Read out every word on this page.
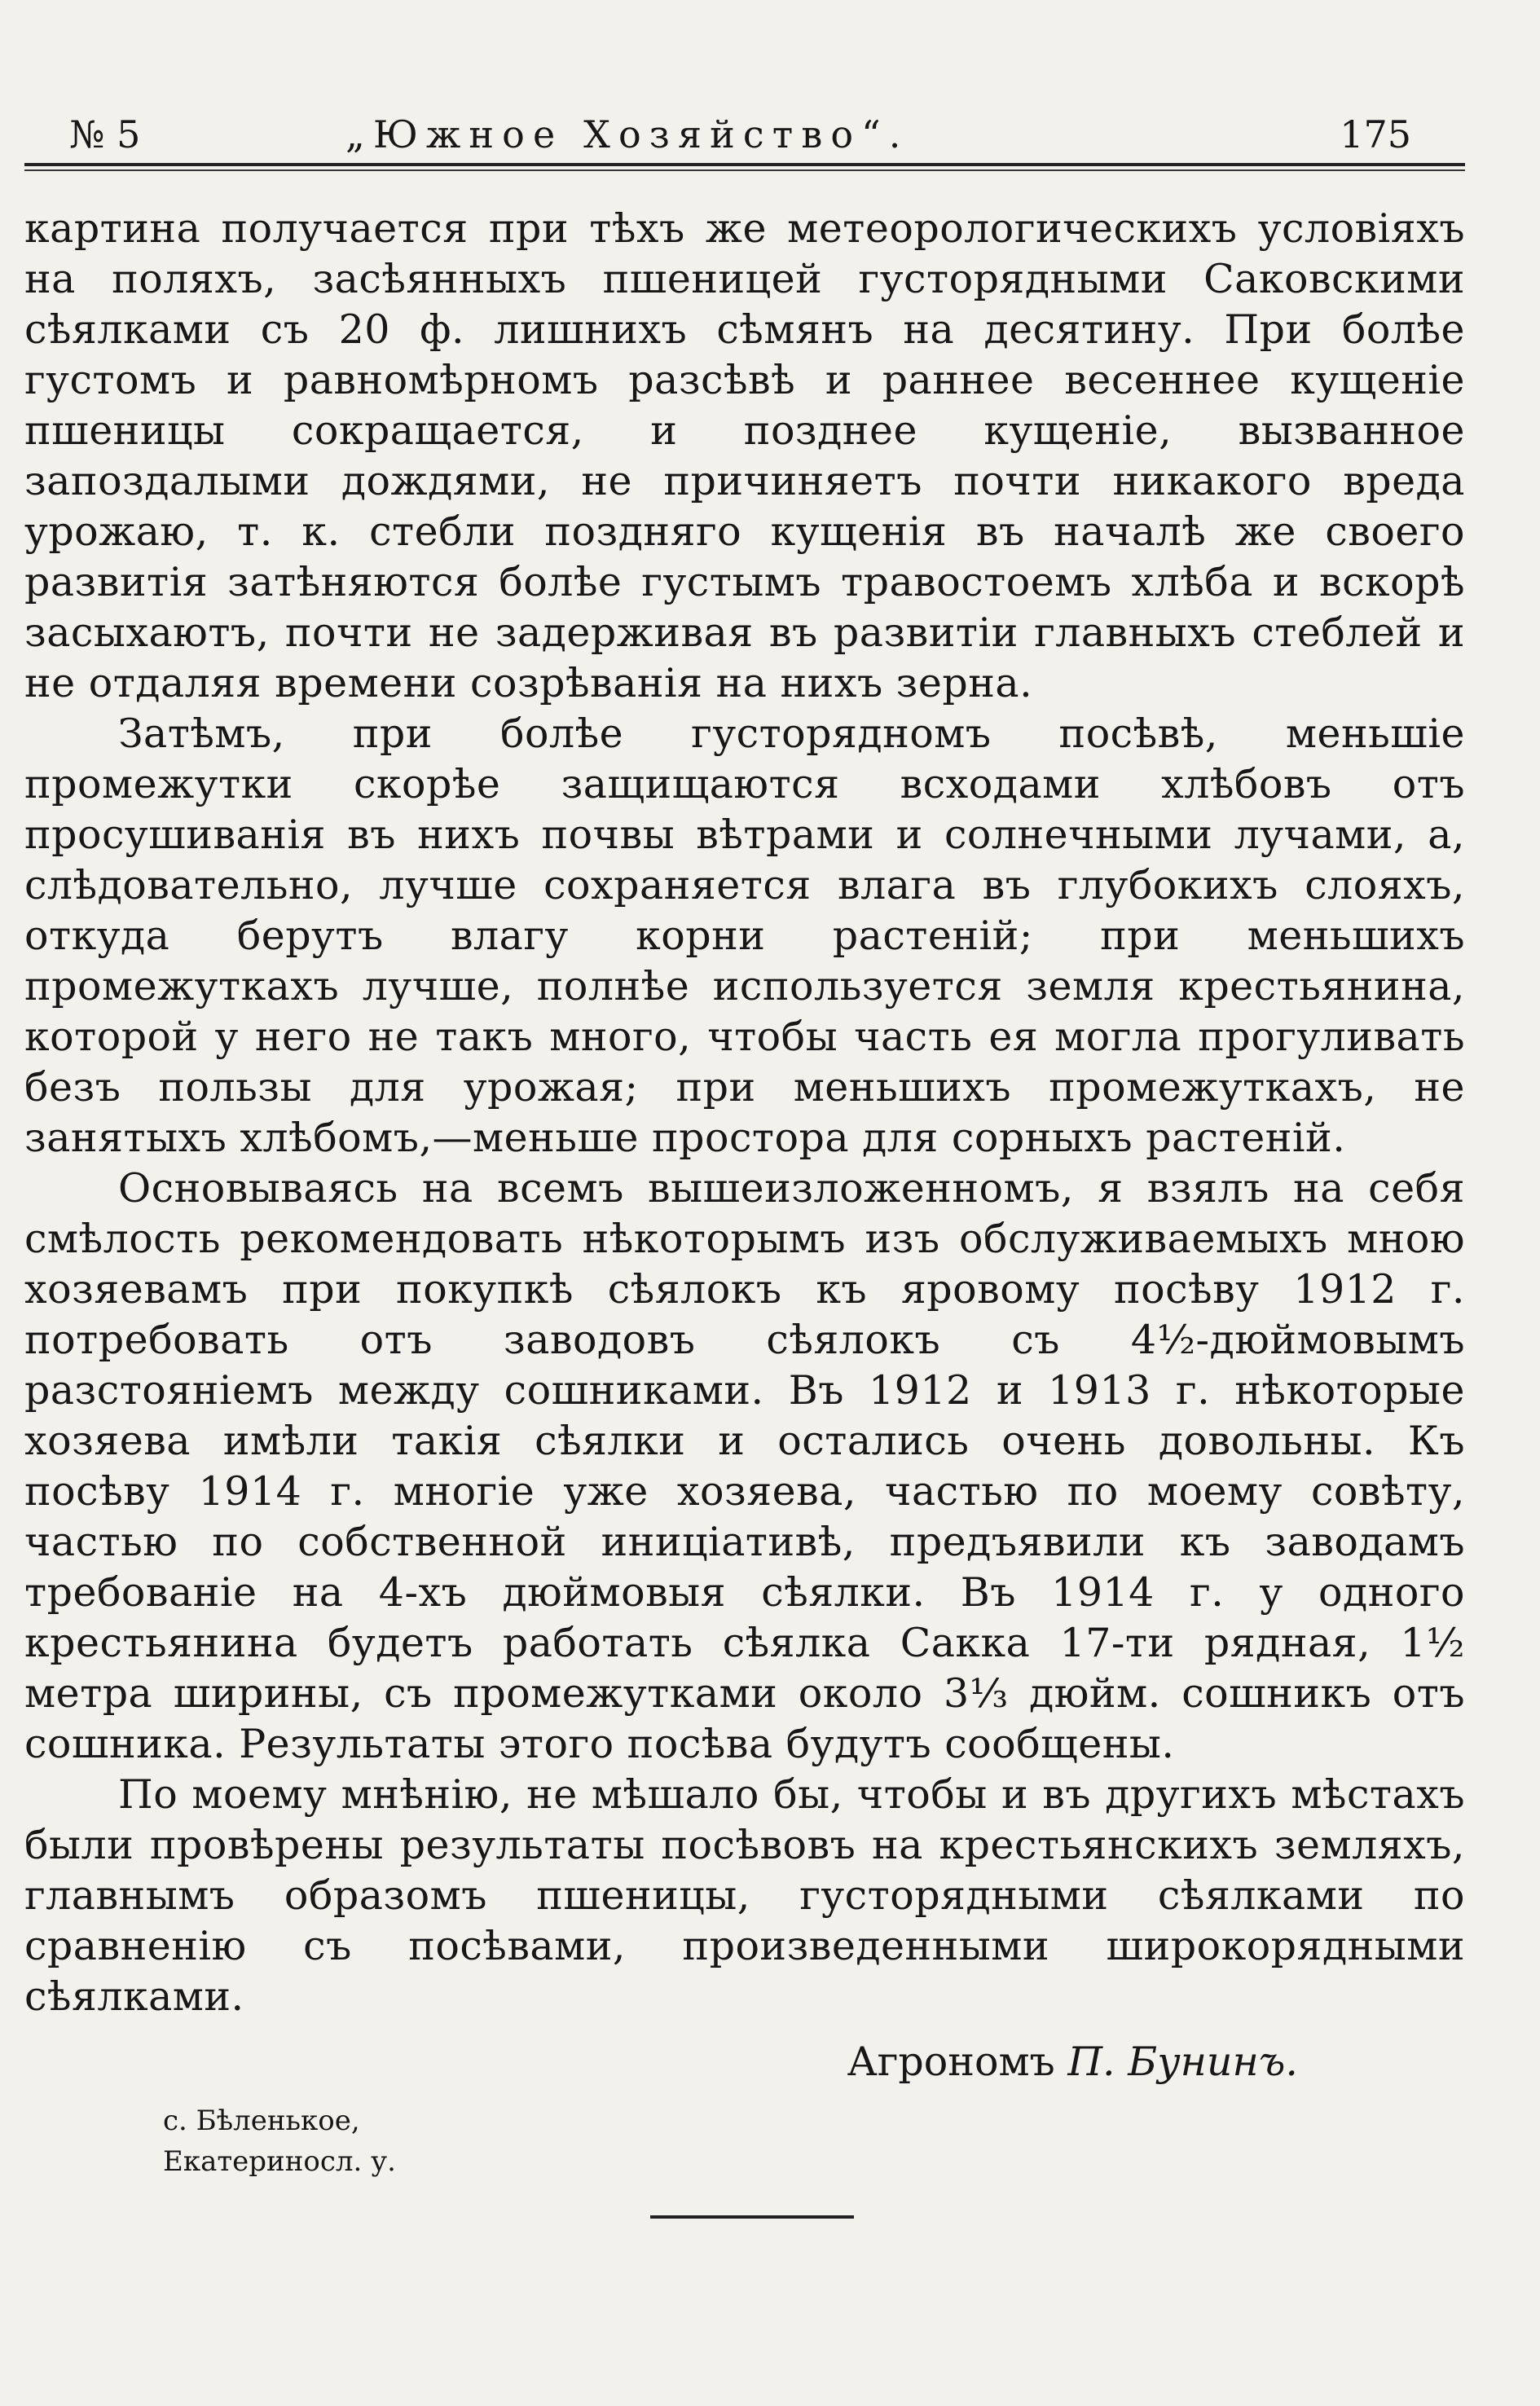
№ 5	„Южное Хозяйство“.	175

картина получается при тѣхъ же метеорологическихъ условіяхъ на поляхъ, засѣянныхъ пшеницей густорядными Саковскими сѣялками съ 20 ф. лишнихъ сѣмянъ на десятину. При болѣе густомъ и равномѣрномъ разсѣвѣ и раннее весеннее кущеніе пшеницы сокращается, и позднее кущеніе, вызванное запоздалыми дождями, не причиняетъ почти никакого вреда урожаю, т. к. стебли поздняго кущенія въ началѣ же своего развитія затѣняются болѣе густымъ травостоемъ хлѣба и вскорѣ засыхаютъ, почти не задерживая въ развитіи главныхъ стеблей и не отдаляя времени созрѣванія на нихъ зерна.

Затѣмъ, при болѣе густорядномъ посѣвѣ, меньшіе промежутки скорѣе защищаются всходами хлѣбовъ отъ просушиванія въ нихъ почвы вѣтрами и солнечными лучами, а, слѣдовательно, лучше сохраняется влага въ глубокихъ слояхъ, откуда берутъ влагу корни растеній; при меньшихъ промежуткахъ лучше, полнѣе используется земля крестьянина, которой у него не такъ много, чтобы часть ея могла прогуливать безъ пользы для урожая; при меньшихъ промежуткахъ, не занятыхъ хлѣбомъ,—меньше простора для сорныхъ растеній.

Основываясь на всемъ вышеизложенномъ, я взялъ на себя смѣлость рекомендовать нѣкоторымъ изъ обслуживаемыхъ мною хозяевамъ при покупкѣ сѣялокъ къ яровому посѣву 1912 г. потребовать отъ заводовъ сѣялокъ съ 4½-дюймовымъ разстояніемъ между сошниками. Въ 1912 и 1913 г. нѣкоторые хозяева имѣли такія сѣялки и остались очень довольны. Къ посѣву 1914 г. многіе уже хозяева, частью по моему совѣту, частью по собственной иниціативѣ, предъявили къ заводамъ требованіе на 4-хъ дюймовыя сѣялки. Въ 1914 г. у одного крестьянина будетъ работать сѣялка Сакка 17-ти рядная, 1½ метра ширины, съ промежутками около 3⅓ дюйм. сошникъ отъ сошника. Результаты этого посѣва будутъ сообщены.

По моему мнѣнію, не мѣшало бы, чтобы и въ другихъ мѣстахъ были провѣрены результаты посѣвовъ на крестьянскихъ земляхъ, главнымъ образомъ пшеницы, густорядными сѣялками по сравненію съ посѣвами, произведенными широкорядными сѣялками.

Агрономъ П. Бунинъ.
с. Бѣленькое,
Екатериносл. у.
